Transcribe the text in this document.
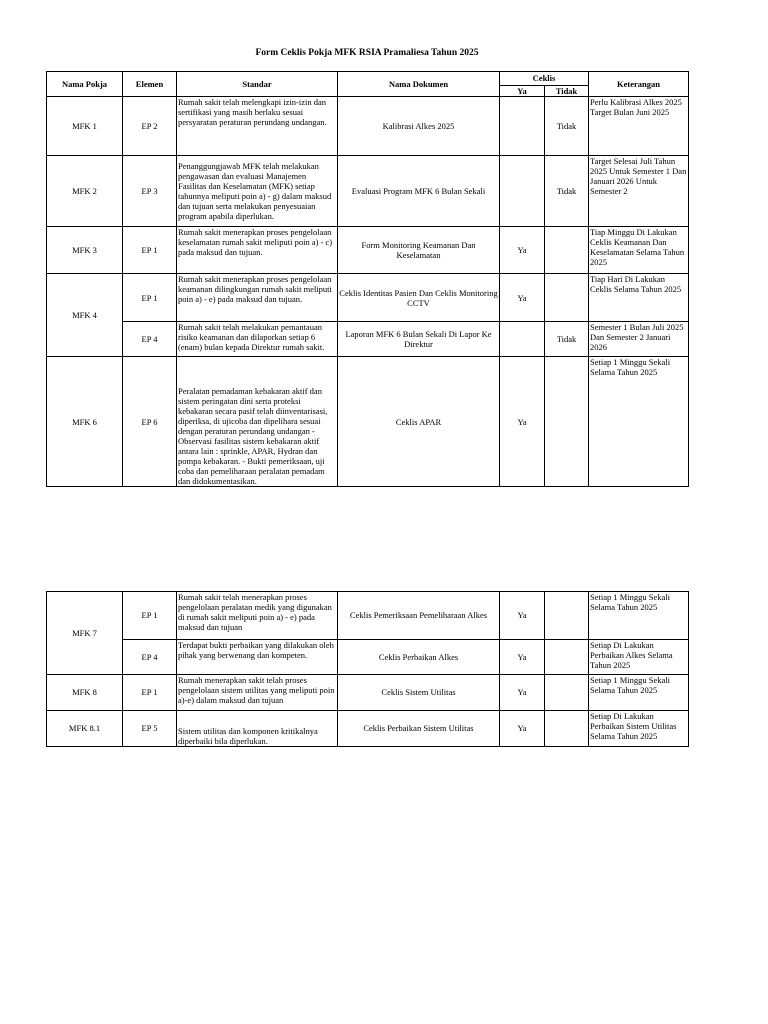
Form Ceklis Pokja MFK RSIA Pramaliesa Tahun 2025
Nama Pokja	Elemen	Standar	Nama Dokumen	Ceklis		Keterangan
				Ya	Tidak	
MFK 1	EP 2	Rumah sakit telah melengkapi izin-izin dan sertifikasi yang masih berlaku sesuai persyaratan peraturan perundang undangan.	Kalibrasi Alkes 2025		Tidak	Perlu Kalibrasi Alkes 2025 Target Bulan Juni 2025
MFK 2	EP 3	Penanggungjawab MFK telah melakukan pengawasan dan evaluasi Manajemen Fasilitas dan Keselamatan (MFK) setiap tahunnya meliputi poin a) - g) dalam maksud dan tujuan serta melakukan penyesuaian program apabila diperlukan.	Evaluasi Program MFK 6 Bulan Sekali		Tidak	Target Selesai Juli Tahun 2025 Untuk Semester 1 Dan Januari 2026 Untuk Semester 2
MFK 3	EP 1	Rumah sakit menerapkan proses pengelolaan keselamatan rumah sakit meliputi poin a) - c) pada maksud dan tujuan.	Form Monitoring Keamanan Dan Keselamatan	Ya		Tiap Minggu Di Lakukan Ceklis Keamanan Dan Keselamatan Selama Tahun 2025
MFK 4	EP 1	Rumah sakit menerapkan proses pengelolaan keamanan dilingkungan rumah sakit meliputi poin a) - e) pada maksud dan tujuan.	Ceklis Identitas Pasien Dan Ceklis Monitoring CCTV	Ya		Tiap Hari Di Lakukan Ceklis Selama Tahun 2025
	EP 4	Rumah sakit telah melakukan pemantauan risiko keamanan dan dilaporkan setiap 6 (enam) bulan kepada Direktur rumah sakit.	Laporan MFK 6 Bulan Sekali Di Lapor Ke Direktur		Tidak	Semester 1 Bulan Juli 2025 Dan Semester 2 Januari 2026
MFK 6	EP 6	Peralatan pemadaman kebakaran aktif dan sistem peringatan dini serta proteksi kebakaran secara pasif telah diinventarisasi, diperiksa, di ujicoba dan dipelihara sesuai dengan peraturan perundang undangan - Observasi fasilitas sistem kebakaran aktif antara lain : sprinkle, APAR, Hydran dan pompa kebakaran. - Bukti pemeriksaan, uji coba dan pemeliharaan peralatan pemadam dan didokumentasikan.	Ceklis APAR	Ya		Setiap 1 Minggu Sekali Selama Tahun 2025
MFK 7	EP 1	Rumah sakit telah menerapkan proses pengelolaan peralatan medik yang digunakan di rumah sakit meliputi poin a) - e) pada maksud dan tujuan	Ceklis Pemeriksaan Pemeliharaan Alkes	Ya		Setiap 1 Minggu Sekali Selama Tahun 2025
	EP 4	Terdapat bukti perbaikan yang dilakukan oleh pihak yang berwenang dan kompeten.	Ceklis Perbaikan Alkes	Ya		Setiap Di Lakukan Perbaikan Alkes Selama Tahun 2025
MFK 8	EP 1	Rumah menerapkan sakit telah proses pengelolaan sistem utilitas yang meliputi poin a)-e) dalam maksud dan tujuan	Ceklis Sistem Utilitas	Ya		Setiap 1 Minggu Sekali Selama Tahun 2025
MFK 8.1	EP 5	Sistem utilitas dan komponen kritikalnya diperbaiki bila diperlukan.	Ceklis Perbaikan Sistem Utilitas	Ya		Setiap Di Lakukan Perbaikan Sistem Utilitas Selama Tahun 2025
